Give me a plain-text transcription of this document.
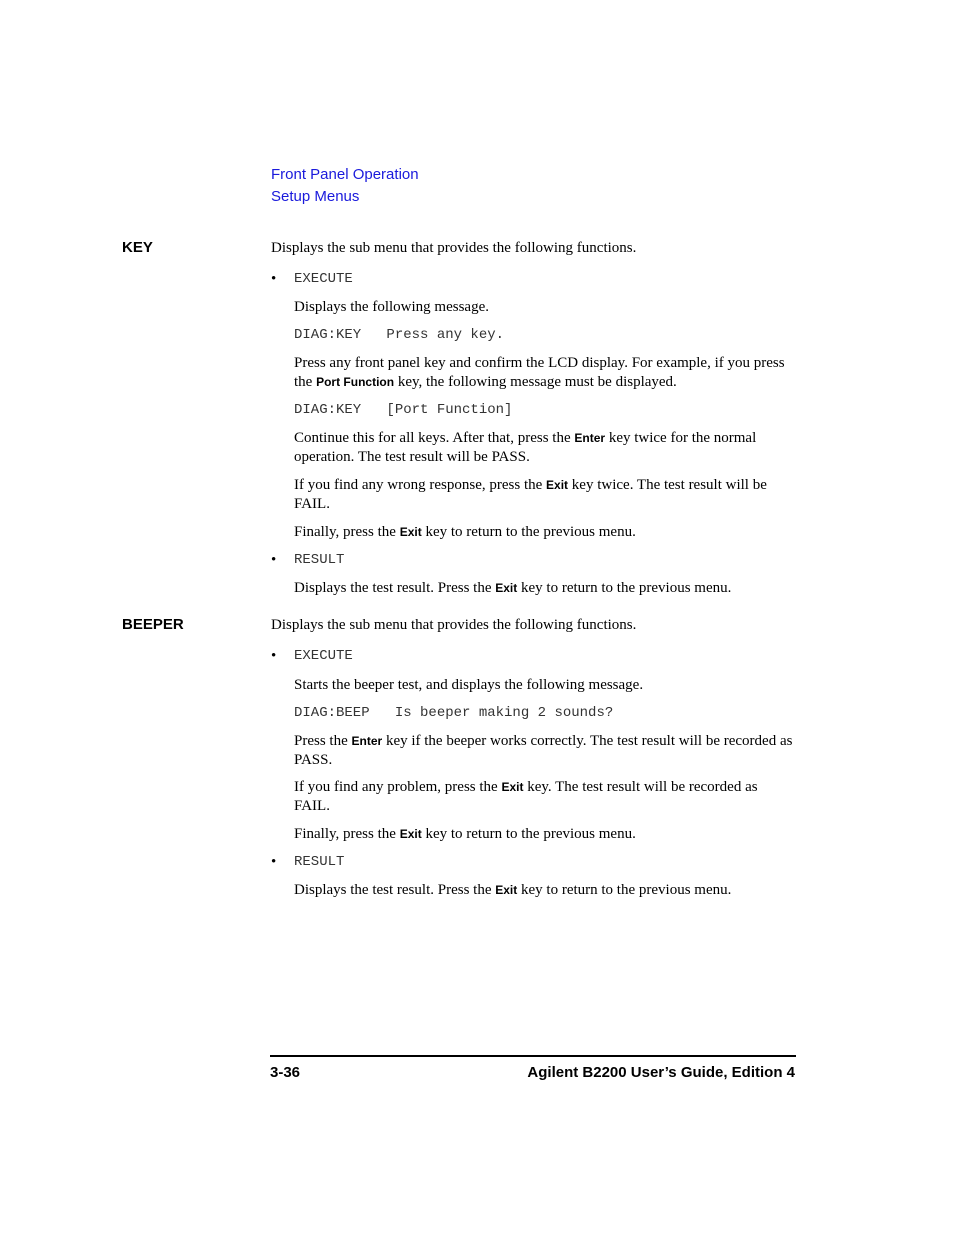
Front Panel Operation
Setup Menus
KEY	Displays the sub menu that provides the following functions.
• EXECUTE
Displays the following message.
DIAG:KEY   Press any key.
Press any front panel key and confirm the LCD display. For example, if you press the Port Function key, the following message must be displayed.
DIAG:KEY   [Port Function]
Continue this for all keys. After that, press the Enter key twice for the normal operation. The test result will be PASS.
If you find any wrong response, press the Exit key twice. The test result will be FAIL.
Finally, press the Exit key to return to the previous menu.
• RESULT
Displays the test result. Press the Exit key to return to the previous menu.
BEEPER	Displays the sub menu that provides the following functions.
• EXECUTE
Starts the beeper test, and displays the following message.
DIAG:BEEP   Is beeper making 2 sounds?
Press the Enter key if the beeper works correctly. The test result will be recorded as PASS.
If you find any problem, press the Exit key. The test result will be recorded as FAIL.
Finally, press the Exit key to return to the previous menu.
• RESULT
Displays the test result. Press the Exit key to return to the previous menu.
3-36	Agilent B2200 User’s Guide, Edition 4
